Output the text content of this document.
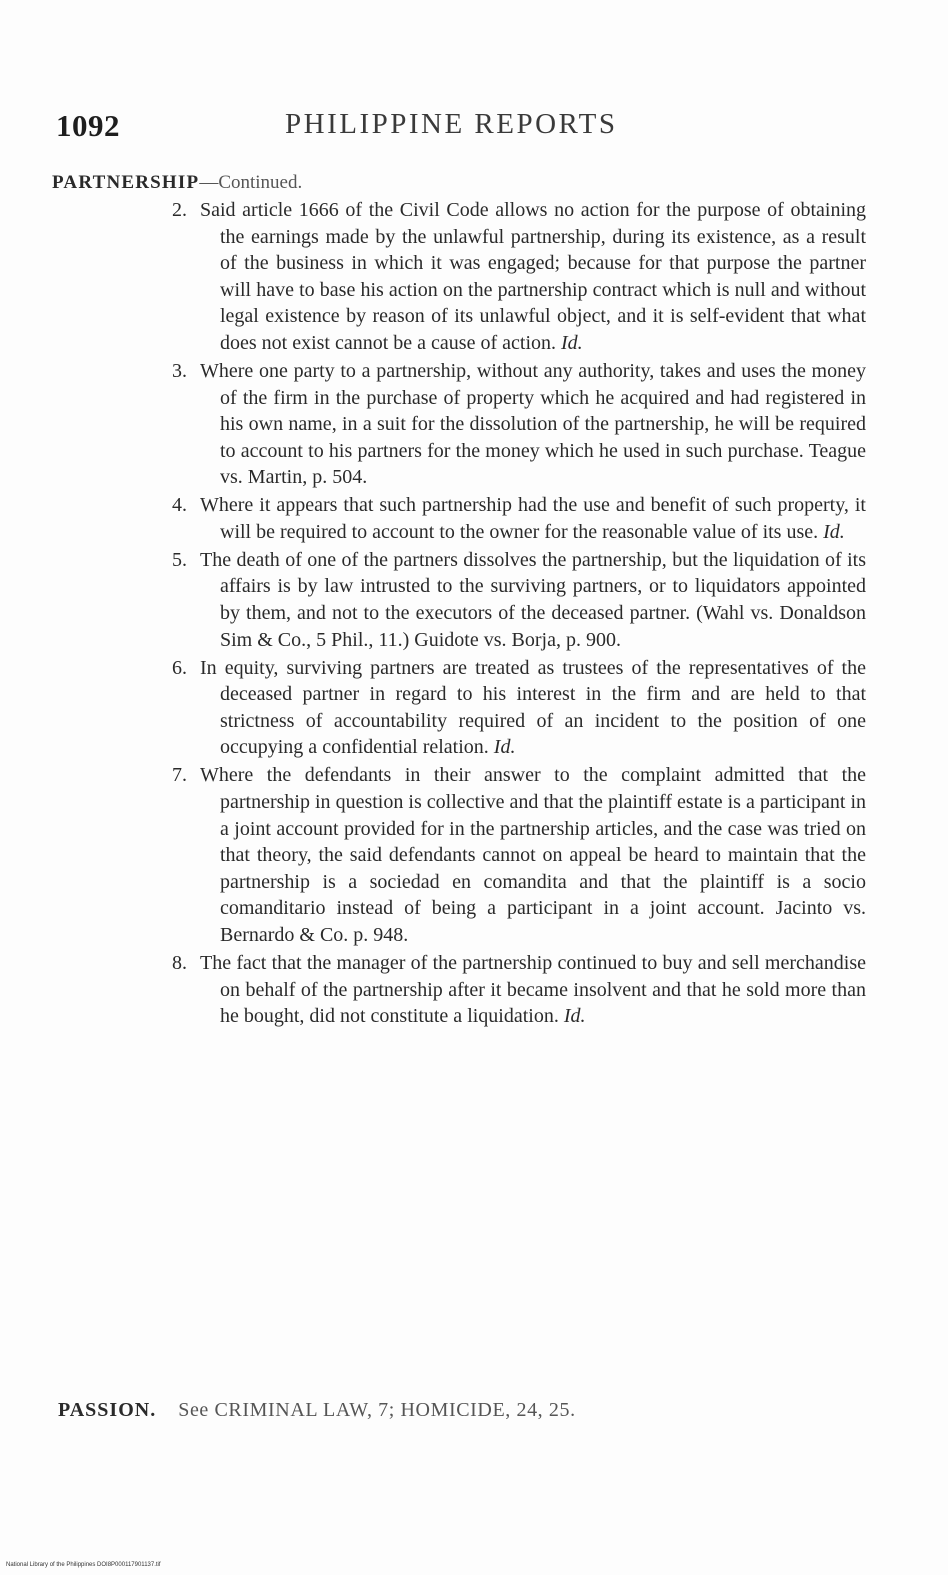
1092	PHILIPPINE REPORTS
PARTNERSHIP—Continued.
2. Said article 1666 of the Civil Code allows no action for the purpose of obtaining the earnings made by the unlawful partnership, during its existence, as a result of the business in which it was engaged; because for that purpose the partner will have to base his action on the partnership contract which is null and without legal existence by reason of its unlawful object, and it is self-evident that what does not exist cannot be a cause of action. Id.
3. Where one party to a partnership, without any authority, takes and uses the money of the firm in the purchase of property which he acquired and had registered in his own name, in a suit for the dissolution of the partnership, he will be required to account to his partners for the money which he used in such purchase. Teague vs. Martin, p. 504.
4. Where it appears that such partnership had the use and benefit of such property, it will be required to account to the owner for the reasonable value of its use. Id.
5. The death of one of the partners dissolves the partnership, but the liquidation of its affairs is by law intrusted to the surviving partners, or to liquidators appointed by them, and not to the executors of the deceased partner. (Wahl vs. Donaldson Sim & Co., 5 Phil., 11.) Guidote vs. Borja, p. 900.
6. In equity, surviving partners are treated as trustees of the representatives of the deceased partner in regard to his interest in the firm and are held to that strictness of accountability required of an incident to the position of one occupying a confidential relation. Id.
7. Where the defendants in their answer to the complaint admitted that the partnership in question is collective and that the plaintiff estate is a participant in a joint account provided for in the partnership articles, and the case was tried on that theory, the said defendants cannot on appeal be heard to maintain that the partnership is a sociedad en comandita and that the plaintiff is a socio comanditario instead of being a participant in a joint account. Jacinto vs. Bernardo & Co. p. 948.
8. The fact that the manager of the partnership continued to buy and sell merchandise on behalf of the partnership after it became insolvent and that he sold more than he bought, did not constitute a liquidation. Id.
PASSION. See CRIMINAL LAW, 7; HOMICIDE, 24, 25.
National Library of the Philippines DOI8P000117901137.tif
